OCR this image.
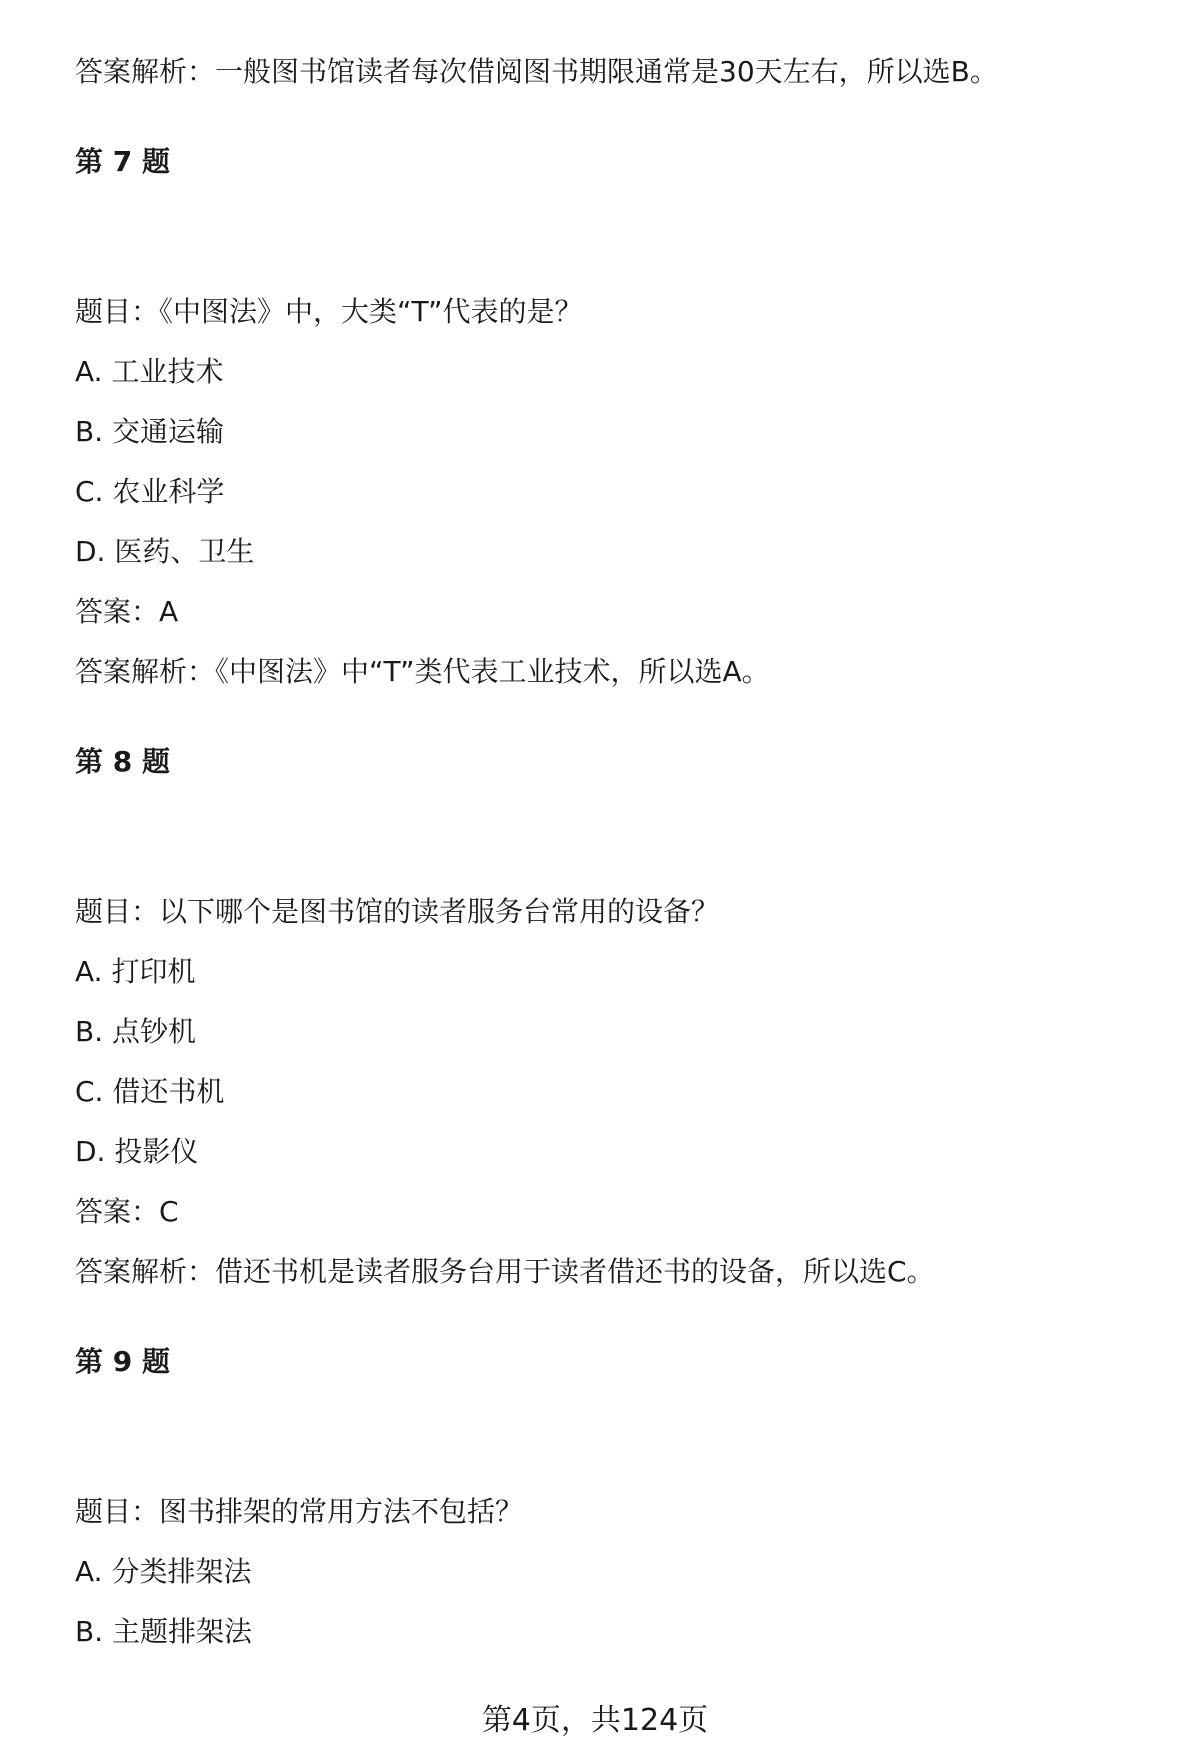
答案解析：一般图书馆读者每次借阅图书期限通常是30天左右，所以选B。
第 7 题
题目：《中图法》中，大类“T”代表的是？
A. 工业技术
B. 交通运输
C. 农业科学
D. 医药、卫生
答案：A
答案解析：《中图法》中“T”类代表工业技术，所以选A。
第 8 题
题目：以下哪个是图书馆的读者服务台常用的设备？
A. 打印机
B. 点钞机
C. 借还书机
D. 投影仪
答案：C
答案解析：借还书机是读者服务台用于读者借还书的设备，所以选C。
第 9 题
题目：图书排架的常用方法不包括？
A. 分类排架法
B. 主题排架法
第4页，共124页
